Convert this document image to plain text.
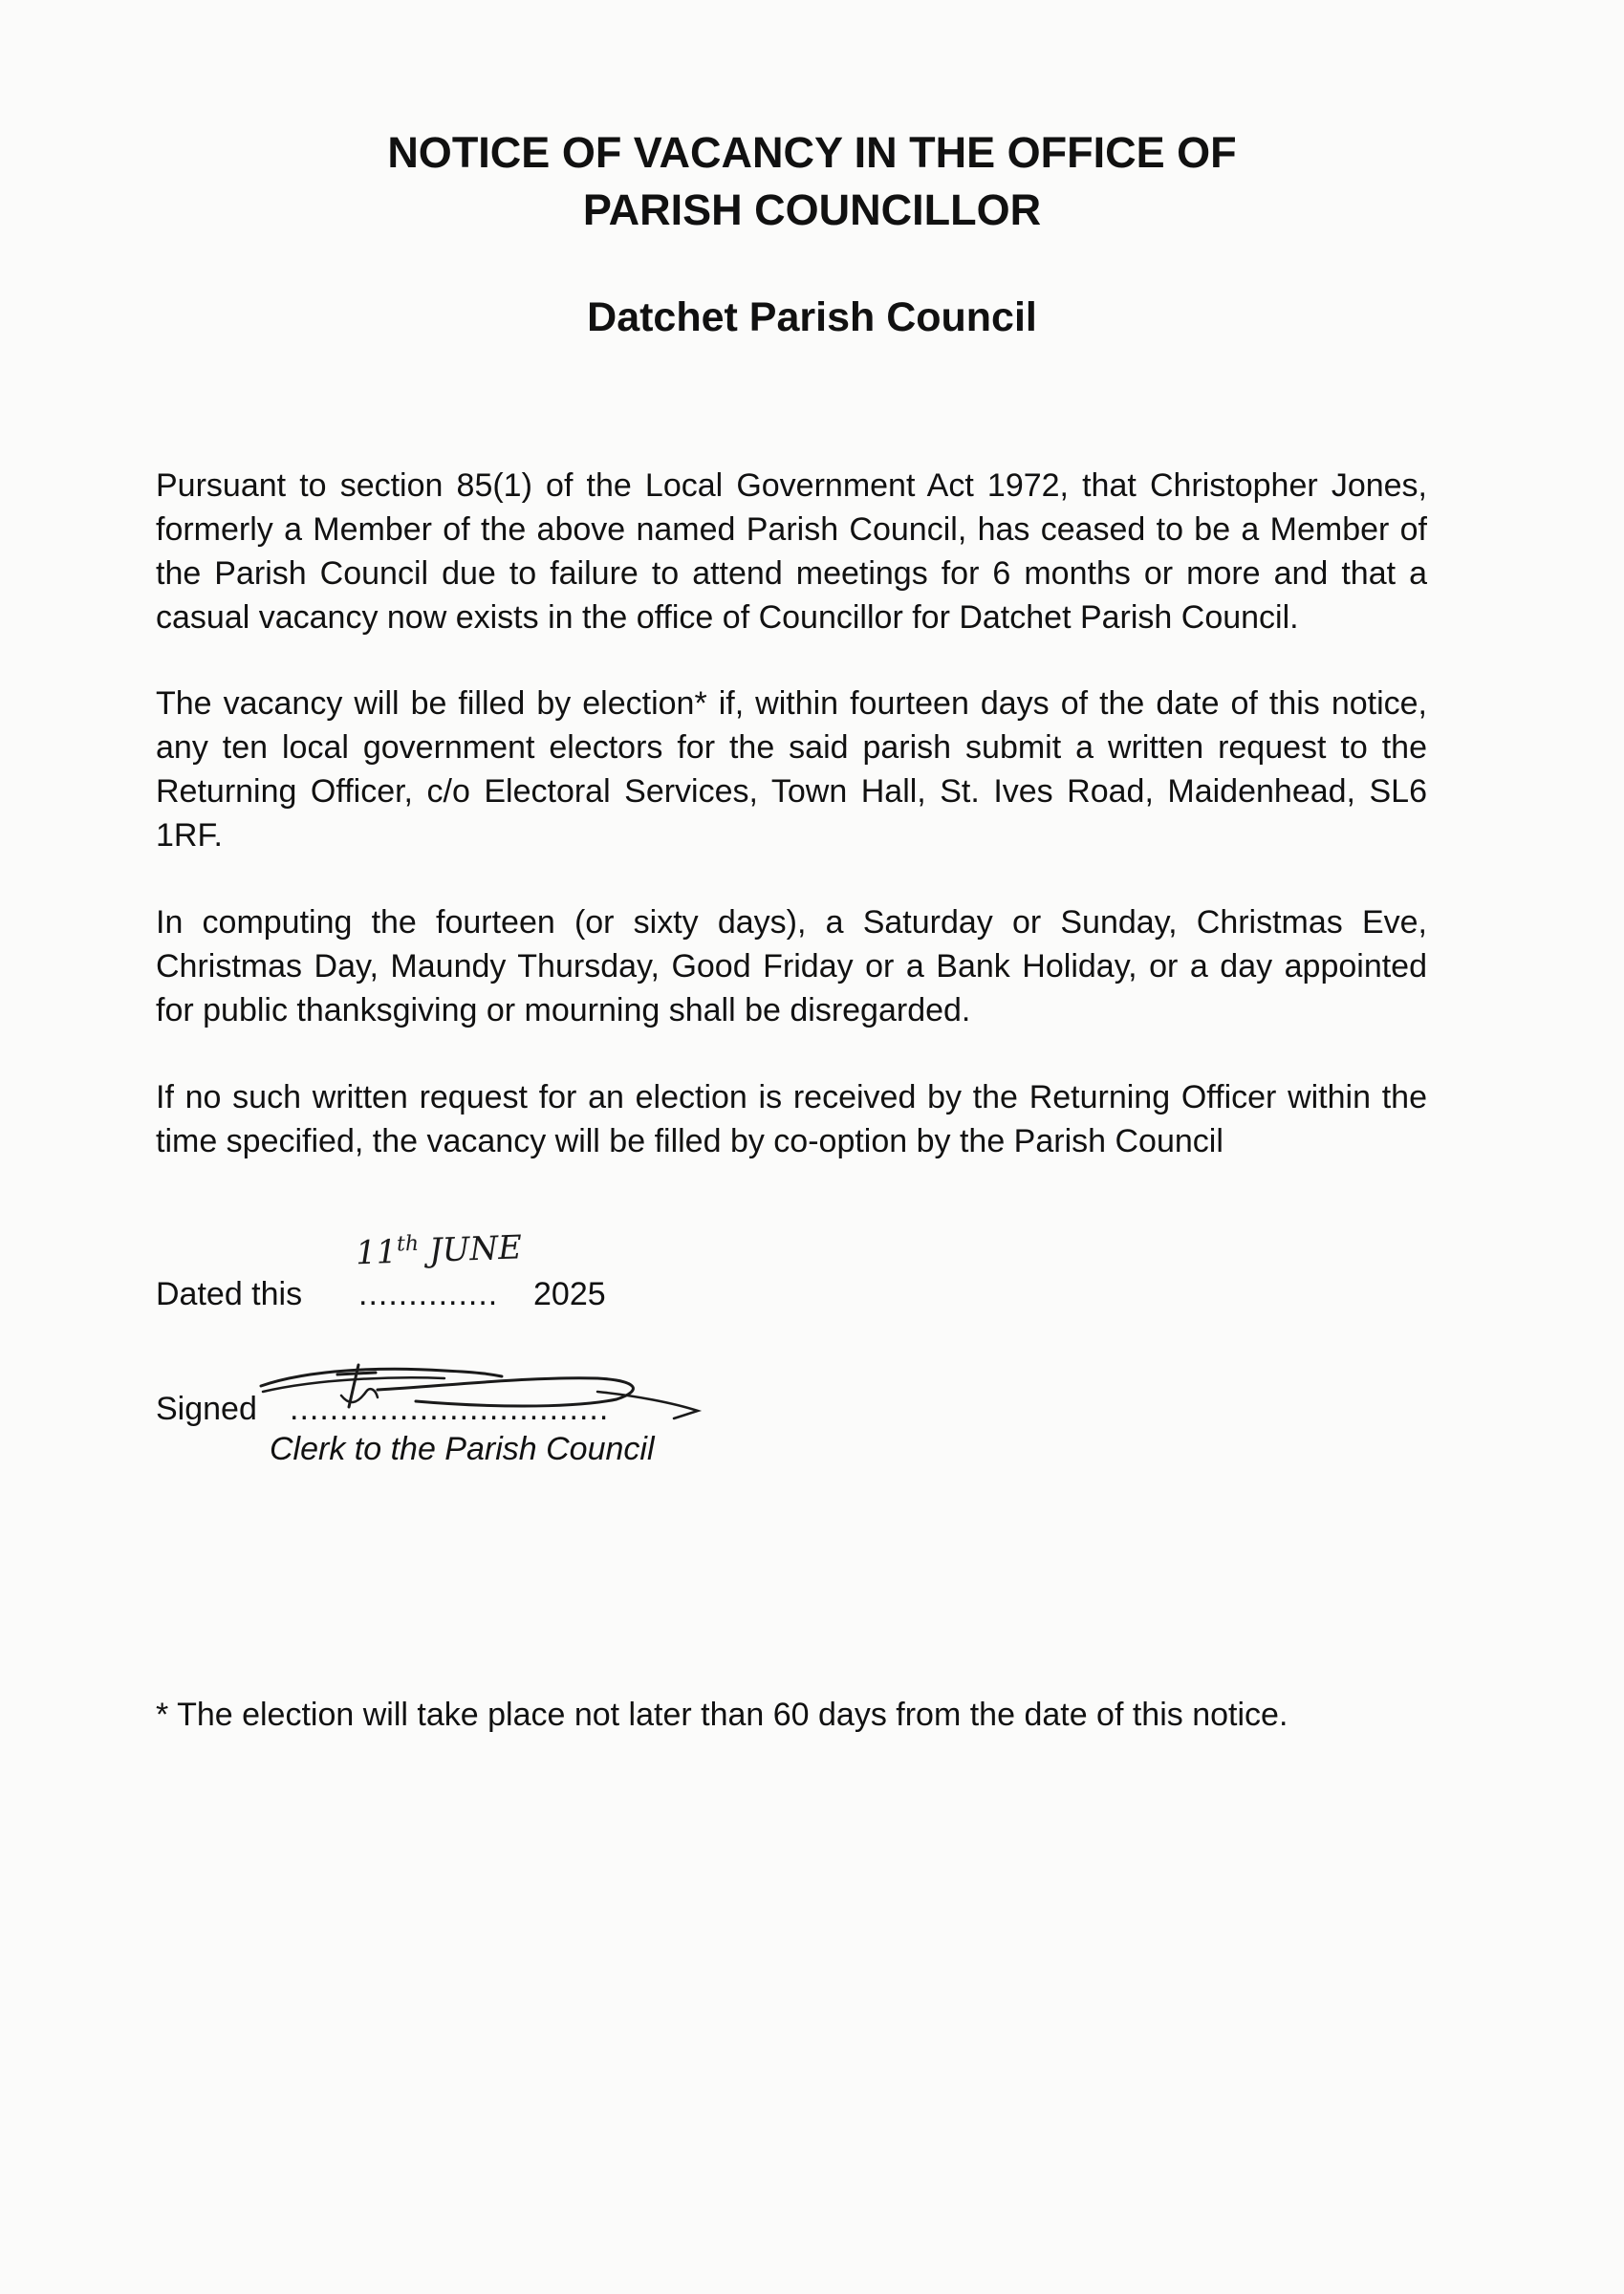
NOTICE OF VACANCY IN THE OFFICE OF
PARISH COUNCILLOR
Datchet Parish Council

Pursuant to section 85(1) of the Local Government Act 1972, that Christopher Jones, formerly a Member of the above named Parish Council, has ceased to be a Member of the Parish Council due to failure to attend meetings for 6 months or more and that a casual vacancy now exists in the office of Councillor for Datchet Parish Council.

The vacancy will be filled by election* if, within fourteen days of the date of this notice, any ten local government electors for the said parish submit a written request to the Returning Officer, c/o Electoral Services, Town Hall, St. Ives Road, Maidenhead, SL6 1RF.

In computing the fourteen (or sixty days), a Saturday or Sunday, Christmas Eve, Christmas Day, Maundy Thursday, Good Friday or a Bank Holiday, or a day appointed for public thanksgiving or mourning shall be disregarded.

If no such written request for an election is received by the Returning Officer within the time specified, the vacancy will be filled by co-option by the Parish Council

Dated this
11th JUNE
.............. 2025
Signed ................................
Clerk to the Parish Council

* The election will take place not later than 60 days from the date of this notice.
